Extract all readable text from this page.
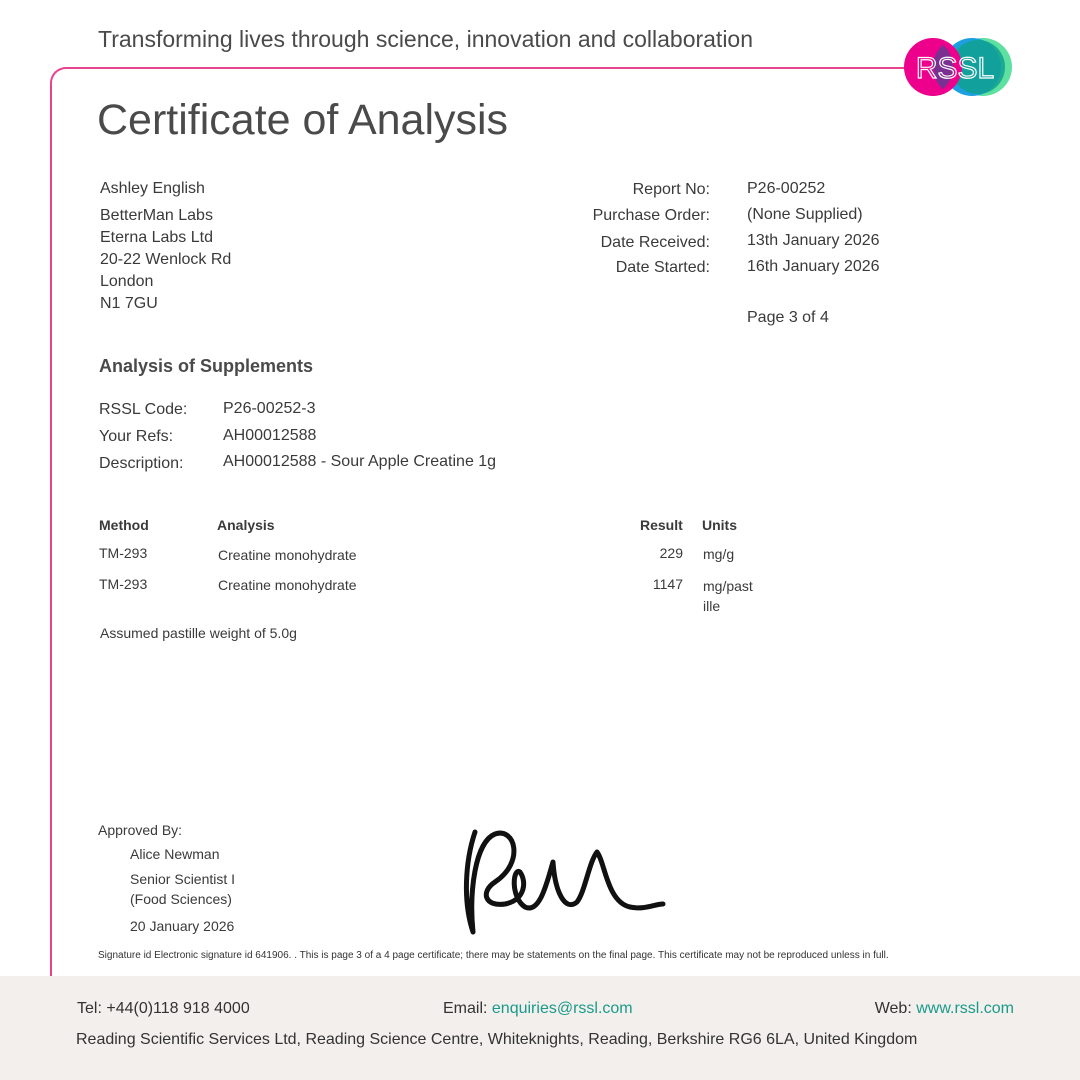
Transforming lives through science, innovation and collaboration
RSSL
Certificate of Analysis
Ashley English
BetterMan Labs
Eterna Labs Ltd
20-22 Wenlock Rd
London
N1 7GU
Report No: P26-00252
Purchase Order: (None Supplied)
Date Received: 13th January 2026
Date Started: 16th January 2026
Page 3 of 4
Analysis of Supplements
RSSL Code: P26-00252-3
Your Refs:	AH00012588
Description: AH00012588 - Sour Apple Creatine 1g
Method	Analysis	Result Units
TM-293	Creatine monohydrate	229 mg/g
TM-293	Creatine monohydrate	1147 mg/past
ille
Assumed pastille weight of 5.0g
Approved By:
Alice Newman
Senior Scientist I
(Food Sciences)
20 January 2026
Signature id Electronic signature id 641906. . This is page 3 of a 4 page certificate; there may be statements on the final page. This certificate may not be reproduced unless in full.
Tel: +44(0)118 918 4000	Email: enquiries@rssl.com	Web: www.rssl.com
Reading Scientific Services Ltd, Reading Science Centre, Whiteknights, Reading, Berkshire RG6 6LA, United Kingdom
